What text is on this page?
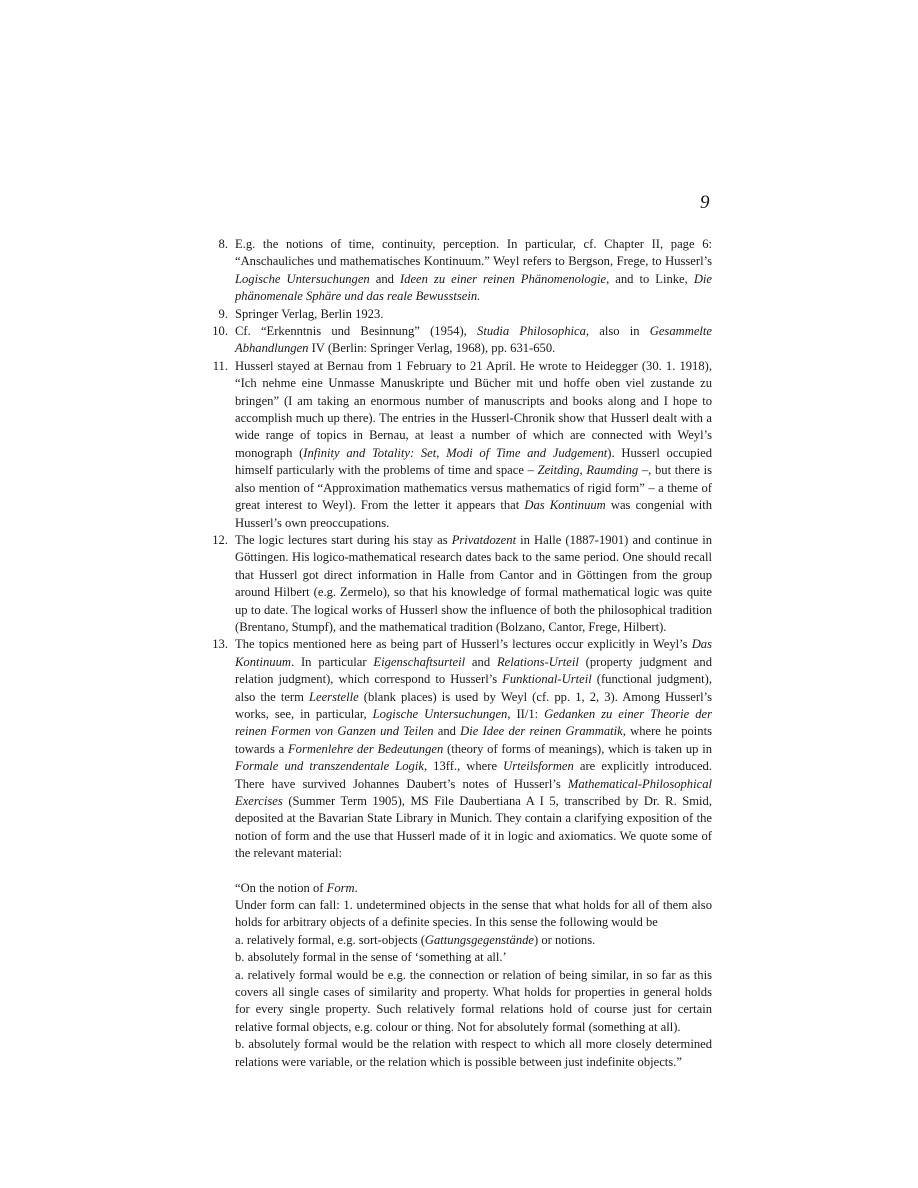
9
8. E.g. the notions of time, continuity, perception. In particular, cf. Chapter II, page 6: “Anschauliches und mathematisches Kontinuum.” Weyl refers to Bergson, Frege, to Husserl’s Logische Untersuchungen and Ideen zu einer reinen Phänomenologie, and to Linke, Die phänomenale Sphäre und das reale Bewusstsein.
9. Springer Verlag, Berlin 1923.
10. Cf. “Erkenntnis und Besinnung” (1954), Studia Philosophica, also in Gesammelte Abhandlungen IV (Berlin: Springer Verlag, 1968), pp. 631-650.
11. Husserl stayed at Bernau from 1 February to 21 April. He wrote to Heidegger (30. 1. 1918), “Ich nehme eine Unmasse Manuskripte und Bücher mit und hoffe oben viel zustande zu bringen” (I am taking an enormous number of manuscripts and books along and I hope to accomplish much up there). The entries in the Husserl-Chronik show that Husserl dealt with a wide range of topics in Bernau, at least a number of which are connected with Weyl’s monograph (Infinity and Totality: Set, Modi of Time and Judgement). Husserl occupied himself particularly with the problems of time and space – Zeitding, Raumding –, but there is also mention of “Approximation mathematics versus mathematics of rigid form” – a theme of great interest to Weyl). From the letter it appears that Das Kontinuum was congenial with Husserl’s own preoccupations.
12. The logic lectures start during his stay as Privatdozent in Halle (1887-1901) and continue in Göttingen. His logico-mathematical research dates back to the same period. One should recall that Husserl got direct information in Halle from Cantor and in Göttingen from the group around Hilbert (e.g. Zermelo), so that his knowledge of formal mathematical logic was quite up to date. The logical works of Husserl show the influence of both the philosophical tradition (Brentano, Stumpf), and the mathematical tradition (Bolzano, Cantor, Frege, Hilbert).
13. The topics mentioned here as being part of Husserl’s lectures occur explicitly in Weyl’s Das Kontinuum. In particular Eigenschaftsurteil and Relations-Urteil (property judgment and relation judgment), which correspond to Husserl’s Funktional-Urteil (functional judgment), also the term Leerstelle (blank places) is used by Weyl (cf. pp. 1, 2, 3). Among Husserl’s works, see, in particular, Logische Untersuchungen, II/1: Gedanken zu einer Theorie der reinen Formen von Ganzen und Teilen and Die Idee der reinen Grammatik, where he points towards a Formenlehre der Bedeutungen (theory of forms of meanings), which is taken up in Formale und transzendentale Logik, 13ff., where Urteilsformen are explicitly introduced. There have survived Johannes Daubert’s notes of Husserl’s Mathematical-Philosophical Exercises (Summer Term 1905), MS File Daubertiana A I 5, transcribed by Dr. R. Smid, deposited at the Bavarian State Library in Munich. They contain a clarifying exposition of the notion of form and the use that Husserl made of it in logic and axiomatics. We quote some of the relevant material:

“On the notion of Form.

Under form can fall: 1. undetermined objects in the sense that what holds for all of them also holds for arbitrary objects of a definite species. In this sense the following would be

a. relatively formal, e.g. sort-objects (Gattungsgegenstände) or notions.

b. absolutely formal in the sense of ‘something at all.’

a. relatively formal would be e.g. the connection or relation of being similar, in so far as this covers all single cases of similarity and property. What holds for properties in general holds for every single property. Such relatively formal relations hold of course just for certain relative formal objects, e.g. colour or thing. Not for absolutely formal (something at all).

b. absolutely formal would be the relation with respect to which all more closely determined relations were variable, or the relation which is possible between just indefinite objects.”
